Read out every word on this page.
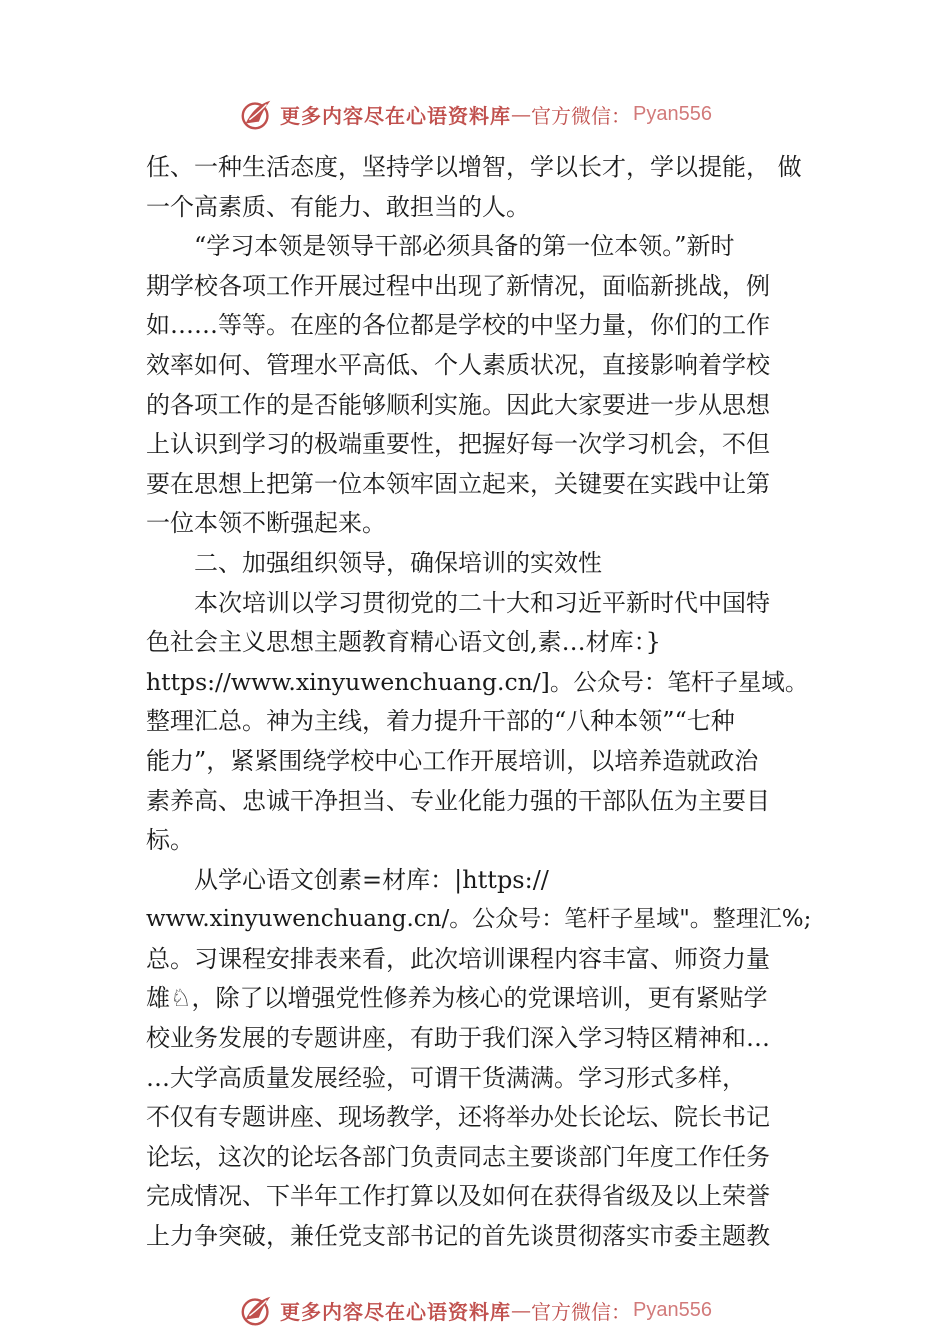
更多内容尽在心语资料库 — 官方微信： Pyan556
任、一种生活态度，坚持学以增智，学以长才，学以提能， 做
一个高素质、有能力、敢担当的人。
“学习本领是领导干部必须具备的第一位本领。”新时
期学校各项工作开展过程中出现了新情况，面临新挑战，例
如……等等。在座的各位都是学校的中坚力量，你们的工作
效率如何、管理水平高低、个人素质状况，直接影响着学校
的各项工作的是否能够顺利实施。因此大家要进一步从思想
上认识到学习的极端重要性，把握好每一次学习机会，不但
要在思想上把第一位本领牢固立起来，关键要在实践中让第
一位本领不断强起来。
二、加强组织领导，确保培训的实效性
本次培训以学习贯彻党的二十大和习近平新时代中国特
色社会主义思想主题教育精心语文创,素…材库：}
https://www.xinyuwenchuang.cn/]。公众号：笔杆子星域。
整理汇总。神为主线，着力提升干部的“八种本领”“七种
能力”，紧紧围绕学校中心工作开展培训，以培养造就政治
素养高、忠诚干净担当、专业化能力强的干部队伍为主要目
标。
从学心语文创素=材库：|https://
www.xinyuwenchuang.cn/。公众号：笔杆子星域"。整理汇%;
总。习课程安排表来看，此次培训课程内容丰富、师资力量
雄♘，除了以增强党性修养为核心的党课培训，更有紧贴学
校业务发展的专题讲座，有助于我们深入学习特区精神和…
…大学高质量发展经验，可谓干货满满。学习形式多样，
不仅有专题讲座、现场教学，还将举办处长论坛、院长书记
论坛，这次的论坛各部门负责同志主要谈部门年度工作任务
完成情况、下半年工作打算以及如何在获得省级及以上荣誉
上力争突破，兼任党支部书记的首先谈贯彻落实市委主题教
更多内容尽在心语资料库 — 官方微信： Pyan556
